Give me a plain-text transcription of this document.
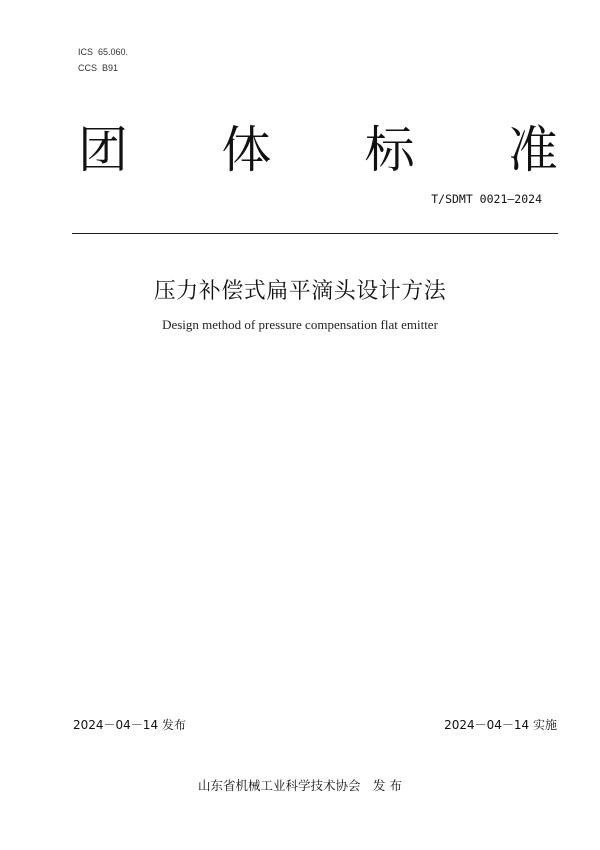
ICS  65.060.
CCS  B91
团 体 标 准
T/SDMT 0021—2024
压力补偿式扁平滴头设计方法
Design method of pressure compensation flat emitter
2024－04－14 发布	2024－04－14 实施
山东省机械工业科学技术协会　发 布
